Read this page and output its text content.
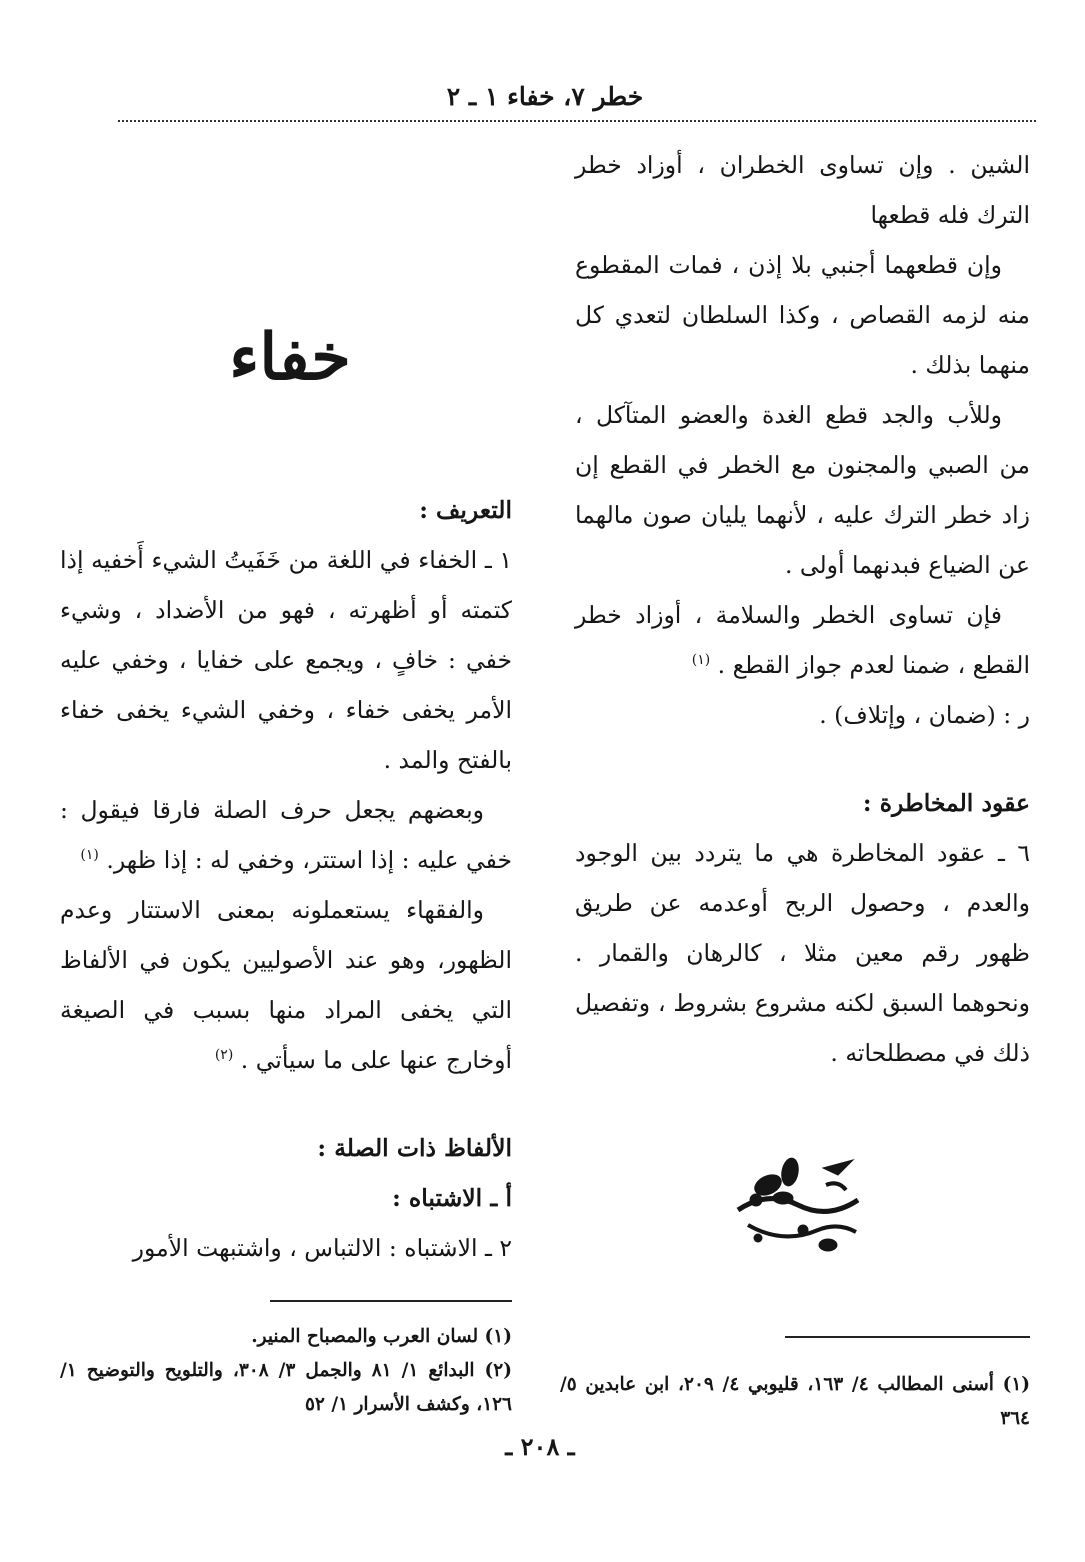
خطر ٧، خفاء ١ ـ ٢

الشين . وإن تساوى الخطران ، أوزاد خطر الترك فله قطعها

وإن قطعهما أجنبي بلا إذن ، فمات المقطوع منه لزمه القصاص ، وكذا السلطان لتعدي كل منهما بذلك .

وللأب والجد قطع الغدة والعضو المتآكل ، من الصبي والمجنون مع الخطر في القطع إن زاد خطر الترك عليه ، لأنهما يليان صون مالهما عن الضياع فبدنهما أولى .

فإن تساوى الخطر والسلامة ، أوزاد خطر القطع ، ضمنا لعدم جواز القطع . $^{(١)}$

ر : (ضمان ، وإتلاف) .

عقود المخاطرة :

٦ ـ عقود المخاطرة هي ما يتردد بين الوجود والعدم ، وحصول الربح أوعدمه عن طريق ظهور رقم معين مثلا ، كالرهان والقمار . ونحوهما السبق لكنه مشروع بشروط ، وتفصيل ذلك في مصطلحاته .

خفاء

التعريف :

١ ـ الخفاء في اللغة من خَفَيتُ الشيء أَخفيه إذا كتمته أو أظهرته ، فهو من الأضداد ، وشيء خفي : خافٍ ، ويجمع على خفايا ، وخفي عليه الأمر يخفى خفاء ، وخفي الشيء يخفى خفاء بالفتح والمد .

وبعضهم يجعل حرف الصلة فارقا فيقول : خفي عليه : إذا استتر، وخفي له : إذا ظهر. $^{(١)}$

والفقهاء يستعملونه بمعنى الاستتار وعدم الظهور، وهو عند الأصوليين يكون في الألفاظ التي يخفى المراد منها بسبب في الصيغة أوخارج عنها على ما سيأتي . $^{(٢)}$

الألفاظ ذات الصلة :

أ ـ الاشتباه :

٢ ـ الاشتباه : الالتباس ، واشتبهت الأمور

(١) أسنى المطالب ٤/ ١٦٣، قليوبي ٤/ ٢٠٩، ابن عابدين ٥/ ٣٦٤

(١) لسان العرب والمصباح المنير.

(٢) البدائع ١/ ٨١ والجمل ٣/ ٣٠٨، والتلويح والتوضيح ١/ ١٢٦، وكشف الأسرار ١/ ٥٢

ـ ٢٠٨ ـ
